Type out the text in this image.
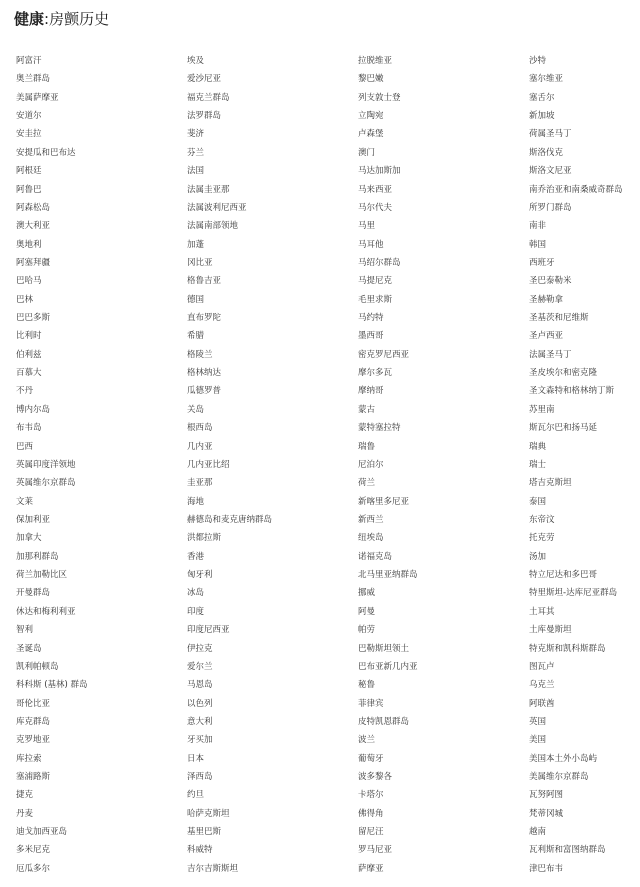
健康:房颤历史
阿富汗
奥兰群岛
美属萨摩亚
安道尔
安圭拉
安提瓜和巴布达
阿根廷
阿鲁巴
阿森松岛
澳大利亚
奥地利
阿塞拜疆
巴哈马
巴林
巴巴多斯
比利时
伯利兹
百慕大
不丹
博内尔岛
布韦岛
巴西
英属印度洋领地
英属维尔京群岛
文莱
保加利亚
加拿大
加那利群岛
荷兰加勒比区
开曼群岛
休达和梅利利亚
智利
圣诞岛
凯利帕顿岛
科科斯 (基林) 群岛
哥伦比亚
库克群岛
克罗地亚
库拉索
塞浦路斯
捷克
丹麦
迪戈加西亚岛
多米尼克
厄瓜多尔
埃及
爱沙尼亚
福克兰群岛
法罗群岛
斐济
芬兰
法国
法属圭亚那
法属波利尼西亚
法属南部领地
加蓬
冈比亚
格鲁吉亚
德国
直布罗陀
希腊
格陵兰
格林纳达
瓜德罗普
关岛
根西岛
几内亚
几内亚比绍
圭亚那
海地
赫德岛和麦克唐纳群岛
洪都拉斯
香港
匈牙利
冰岛
印度
印度尼西亚
伊拉克
爱尔兰
马恩岛
以色列
意大利
牙买加
日本
泽西岛
约旦
哈萨克斯坦
基里巴斯
科威特
吉尔吉斯斯坦
拉脱维亚
黎巴嫩
列支敦士登
立陶宛
卢森堡
澳门
马达加斯加
马来西亚
马尔代夫
马里
马耳他
马绍尔群岛
马提尼克
毛里求斯
马约特
墨西哥
密克罗尼西亚
摩尔多瓦
摩纳哥
蒙古
蒙特塞拉特
瑞鲁
尼泊尔
荷兰
新喀里多尼亚
新西兰
纽埃岛
诺福克岛
北马里亚纳群岛
挪威
阿曼
帕劳
巴勒斯坦领土
巴布亚新几内亚
秘鲁
菲律宾
皮特凯恩群岛
波兰
葡萄牙
波多黎各
卡塔尔
佛得角
留尼汪
罗马尼亚
萨摩亚
沙特
塞尔维亚
塞舌尔
新加坡
荷属圣马丁
斯洛伐克
斯洛文尼亚
南乔治亚和南桑威奇群岛
所罗门群岛
南非
韩国
西班牙
圣巴泰勒米
圣赫勒拿
圣基茨和尼维斯
圣卢西亚
法属圣马丁
圣皮埃尔和密克隆
圣文森特和格林纳丁斯
苏里南
斯瓦尔巴和扬马延
瑞典
瑞士
塔吉克斯坦
泰国
东帝汶
托克劳
汤加
特立尼达和多巴哥
特里斯坦-达库尼亚群岛
土耳其
土库曼斯坦
特克斯和凯科斯群岛
图瓦卢
乌克兰
阿联酋
英国
美国
美国本土外小岛屿
美属维尔京群岛
瓦努阿图
梵蒂冈城
越南
瓦利斯和富图纳群岛
津巴布韦
